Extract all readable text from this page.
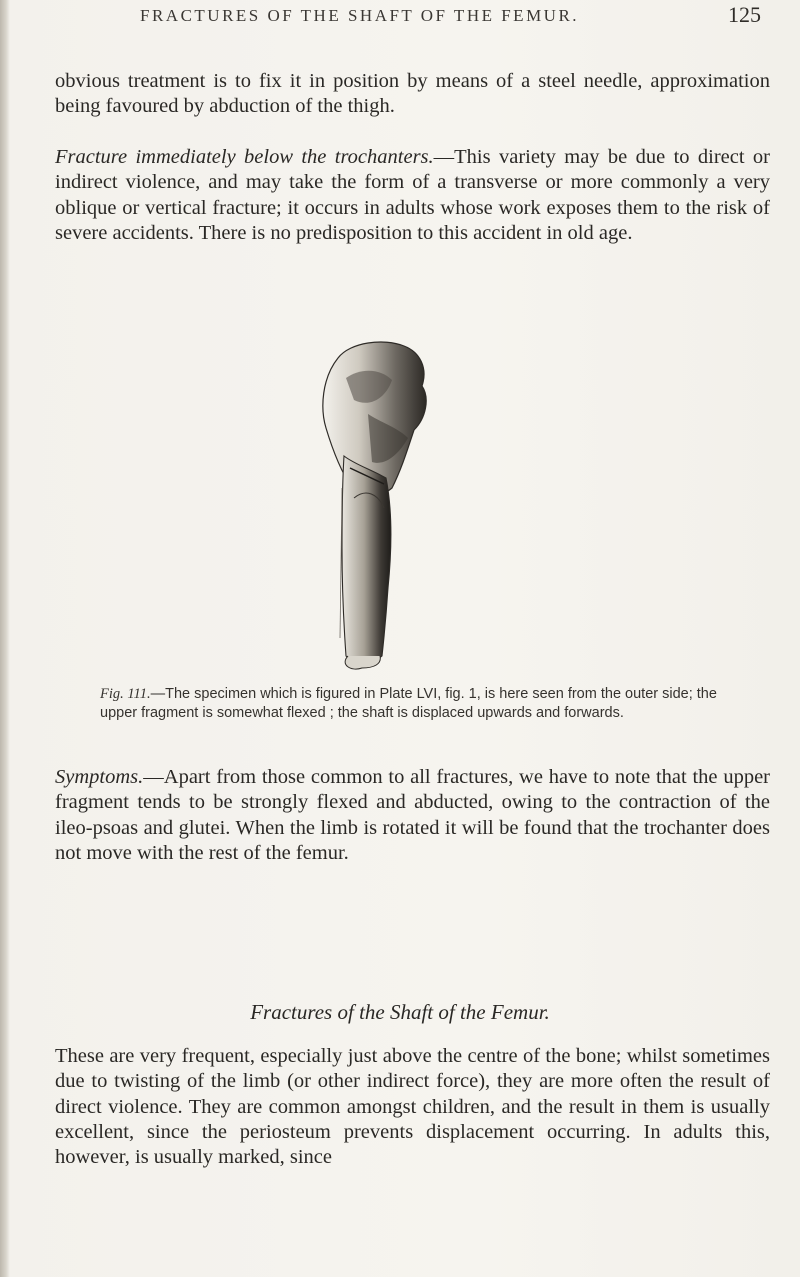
FRACTURES OF THE SHAFT OF THE FEMUR.	125

obvious treatment is to fix it in position by means of a steel needle, approximation being favoured by abduction of the thigh.

Fracture immediately below the trochanters.—This variety may be due to direct or indirect violence, and may take the form of a transverse or more commonly a very oblique or vertical fracture; it occurs in adults whose work exposes them to the risk of severe accidents. There is no predisposition to this accident in old age.

Fig. 111.—The specimen which is figured in Plate LVI, fig. 1, is here seen from the outer side; the upper fragment is somewhat flexed ; the shaft is displaced upwards and forwards.

Symptoms.—Apart from those common to all fractures, we have to note that the upper fragment tends to be strongly flexed and abducted, owing to the contraction of the ileo-psoas and glutei. When the limb is rotated it will be found that the trochanter does not move with the rest of the femur.

Fractures of the Shaft of the Femur.

These are very frequent, especially just above the centre of the bone; whilst sometimes due to twisting of the limb (or other indirect force), they are more often the result of direct violence. They are common amongst children, and the result in them is usually excellent, since the periosteum prevents displacement occurring. In adults this, however, is usually marked, since
